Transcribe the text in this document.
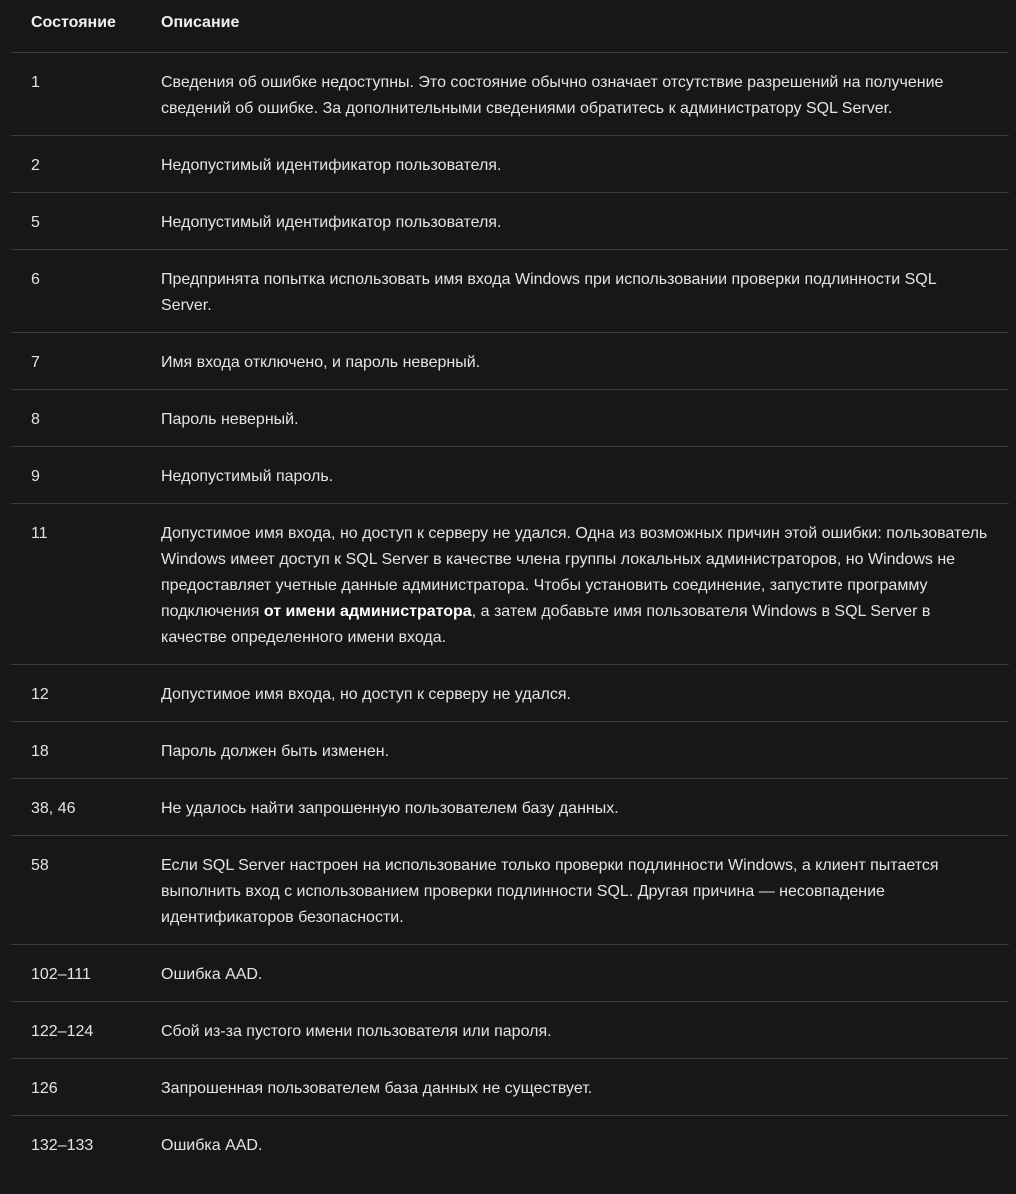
Состояние	Описание
1	Сведения об ошибке недоступны. Это состояние обычно означает отсутствие разрешений на получение сведений об ошибке. За дополнительными сведениями обратитесь к администратору SQL Server.
2	Недопустимый идентификатор пользователя.
5	Недопустимый идентификатор пользователя.
6	Предпринята попытка использовать имя входа Windows при использовании проверки подлинности SQL Server.
7	Имя входа отключено, и пароль неверный.
8	Пароль неверный.
9	Недопустимый пароль.
11	Допустимое имя входа, но доступ к серверу не удался. Одна из возможных причин этой ошибки: пользователь Windows имеет доступ к SQL Server в качестве члена группы локальных администраторов, но Windows не предоставляет учетные данные администратора. Чтобы установить соединение, запустите программу подключения от имени администратора, а затем добавьте имя пользователя Windows в SQL Server в качестве определенного имени входа.
12	Допустимое имя входа, но доступ к серверу не удался.
18	Пароль должен быть изменен.
38, 46	Не удалось найти запрошенную пользователем базу данных.
58	Если SQL Server настроен на использование только проверки подлинности Windows, а клиент пытается выполнить вход с использованием проверки подлинности SQL. Другая причина — несовпадение идентификаторов безопасности.
102–111	Ошибка AAD.
122–124	Сбой из-за пустого имени пользователя или пароля.
126	Запрошенная пользователем база данных не существует.
132–133	Ошибка AAD.
